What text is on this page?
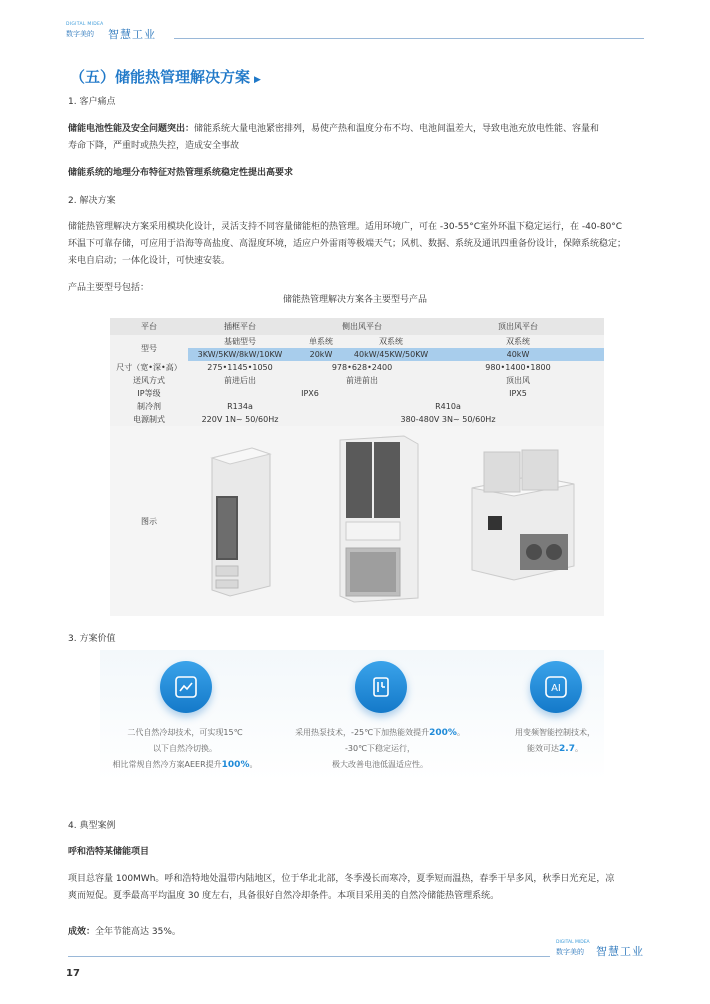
DIGITAL MIDEA
数字美的 智慧工业
（五）储能热管理解决方案 ▶
1. 客户痛点
储能电池性能及安全问题突出：储能系统大量电池紧密排列，易使产热和温度分布不均、电池间温差大，导致电池充放电性能、容量和
寿命下降，严重时或热失控，造成安全事故
储能系统的地理分布特征对热管理系统稳定性提出高要求
2. 解决方案
储能热管理解决方案采用模块化设计，灵活支持不同容量储能柜的热管理。适用环境广，可在 -30-55°C室外环温下稳定运行，在 -40-80°C
环温下可靠存储，可应用于沿海等高盐度、高湿度环境，适应户外雷雨等极端天气；风机、数据、系统及通讯四重备份设计，保障系统稳定；
来电自启动；一体化设计，可快速安装。
产品主要型号包括：
储能热管理解决方案各主要型号产品
平台	插框平台	侧出风平台		顶出风平台
型号	基础型号	单系统	双系统	双系统
	3KW/5KW/8kW/10KW	20kW	40kW/45KW/50KW	40kW
尺寸（宽•深•高）	275•1145•1050	978•628•2400		980•1400•1800
送风方式	前进后出	前进前出		顶出风
IP等级	IPX6			IPX5
制冷剂	R134a	R410a		
电源制式	220V 1N~ 50/60Hz	380-480V 3N~ 50/60Hz		
图示				
3. 方案价值
AI
二代自然冷却技术，可实现15℃
以下自然冷切换。
相比常规自然冷方案AEER提升100%。
采用热泵技术，-25℃下加热能效提升200%。
-30℃下稳定运行，
极大改善电池低温适应性。
用变频智能控制技术，
能效可达2.7。
4. 典型案例
呼和浩特某储能项目
项目总容量 100MWh。呼和浩特地处温带内陆地区，位于华北北部，冬季漫长而寒冷，夏季短而温热，春季干旱多风，秋季日光充足，凉
爽而短促。夏季最高平均温度 30 度左右，具备很好自然冷却条件。本项目采用美的自然冷储能热管理系统。
成效：全年节能高达 35%。
DIGITAL MIDEA
数字美的 智慧工业
17
